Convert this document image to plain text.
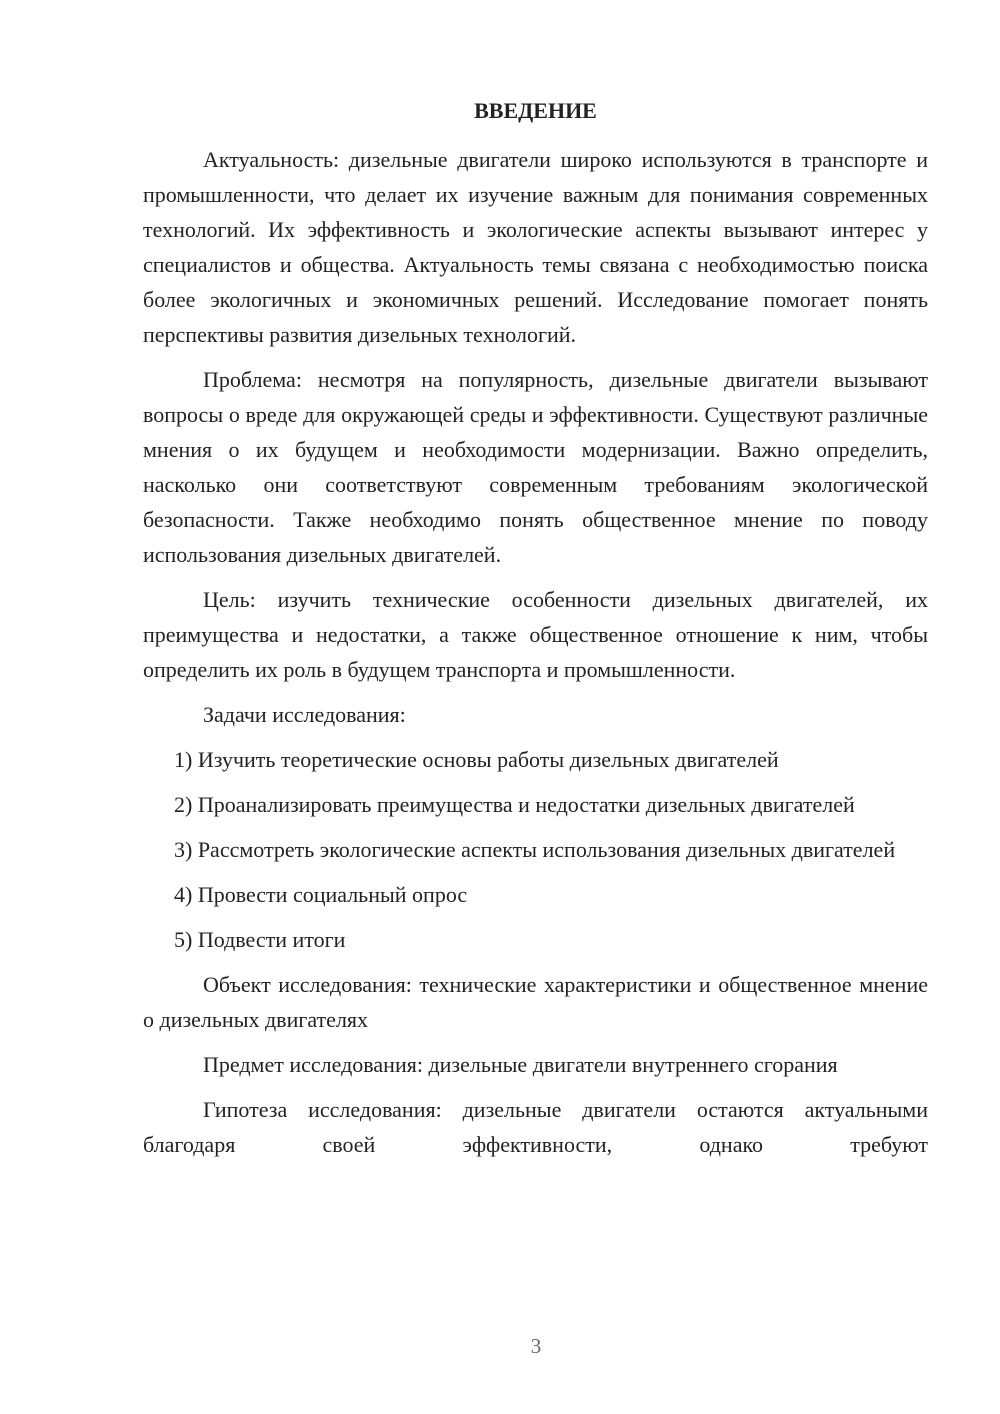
ВВЕДЕНИЕ

Актуальность: дизельные двигатели широко используются в транспорте и промышленности, что делает их изучение важным для понимания современных технологий. Их эффективность и экологические аспекты вызывают интерес у специалистов и общества. Актуальность темы связана с необходимостью поиска более экологичных и экономичных решений. Исследование помогает понять перспективы развития дизельных технологий.

Проблема: несмотря на популярность, дизельные двигатели вызывают вопросы о вреде для окружающей среды и эффективности. Существуют различные мнения о их будущем и необходимости модернизации. Важно определить, насколько они соответствуют современным требованиям экологической безопасности. Также необходимо понять общественное мнение по поводу использования дизельных двигателей.

Цель: изучить технические особенности дизельных двигателей, их преимущества и недостатки, а также общественное отношение к ним, чтобы определить их роль в будущем транспорта и промышленности.

Задачи исследования:

1) Изучить теоретические основы работы дизельных двигателей

2) Проанализировать преимущества и недостатки дизельных двигателей

3) Рассмотреть экологические аспекты использования дизельных двигателей

4) Провести социальный опрос

5) Подвести итоги

Объект исследования: технические характеристики и общественное мнение о дизельных двигателях

Предмет исследования: дизельные двигатели внутреннего сгорания

Гипотеза исследования: дизельные двигатели остаются актуальными благодаря своей эффективности, однако требуют

3
